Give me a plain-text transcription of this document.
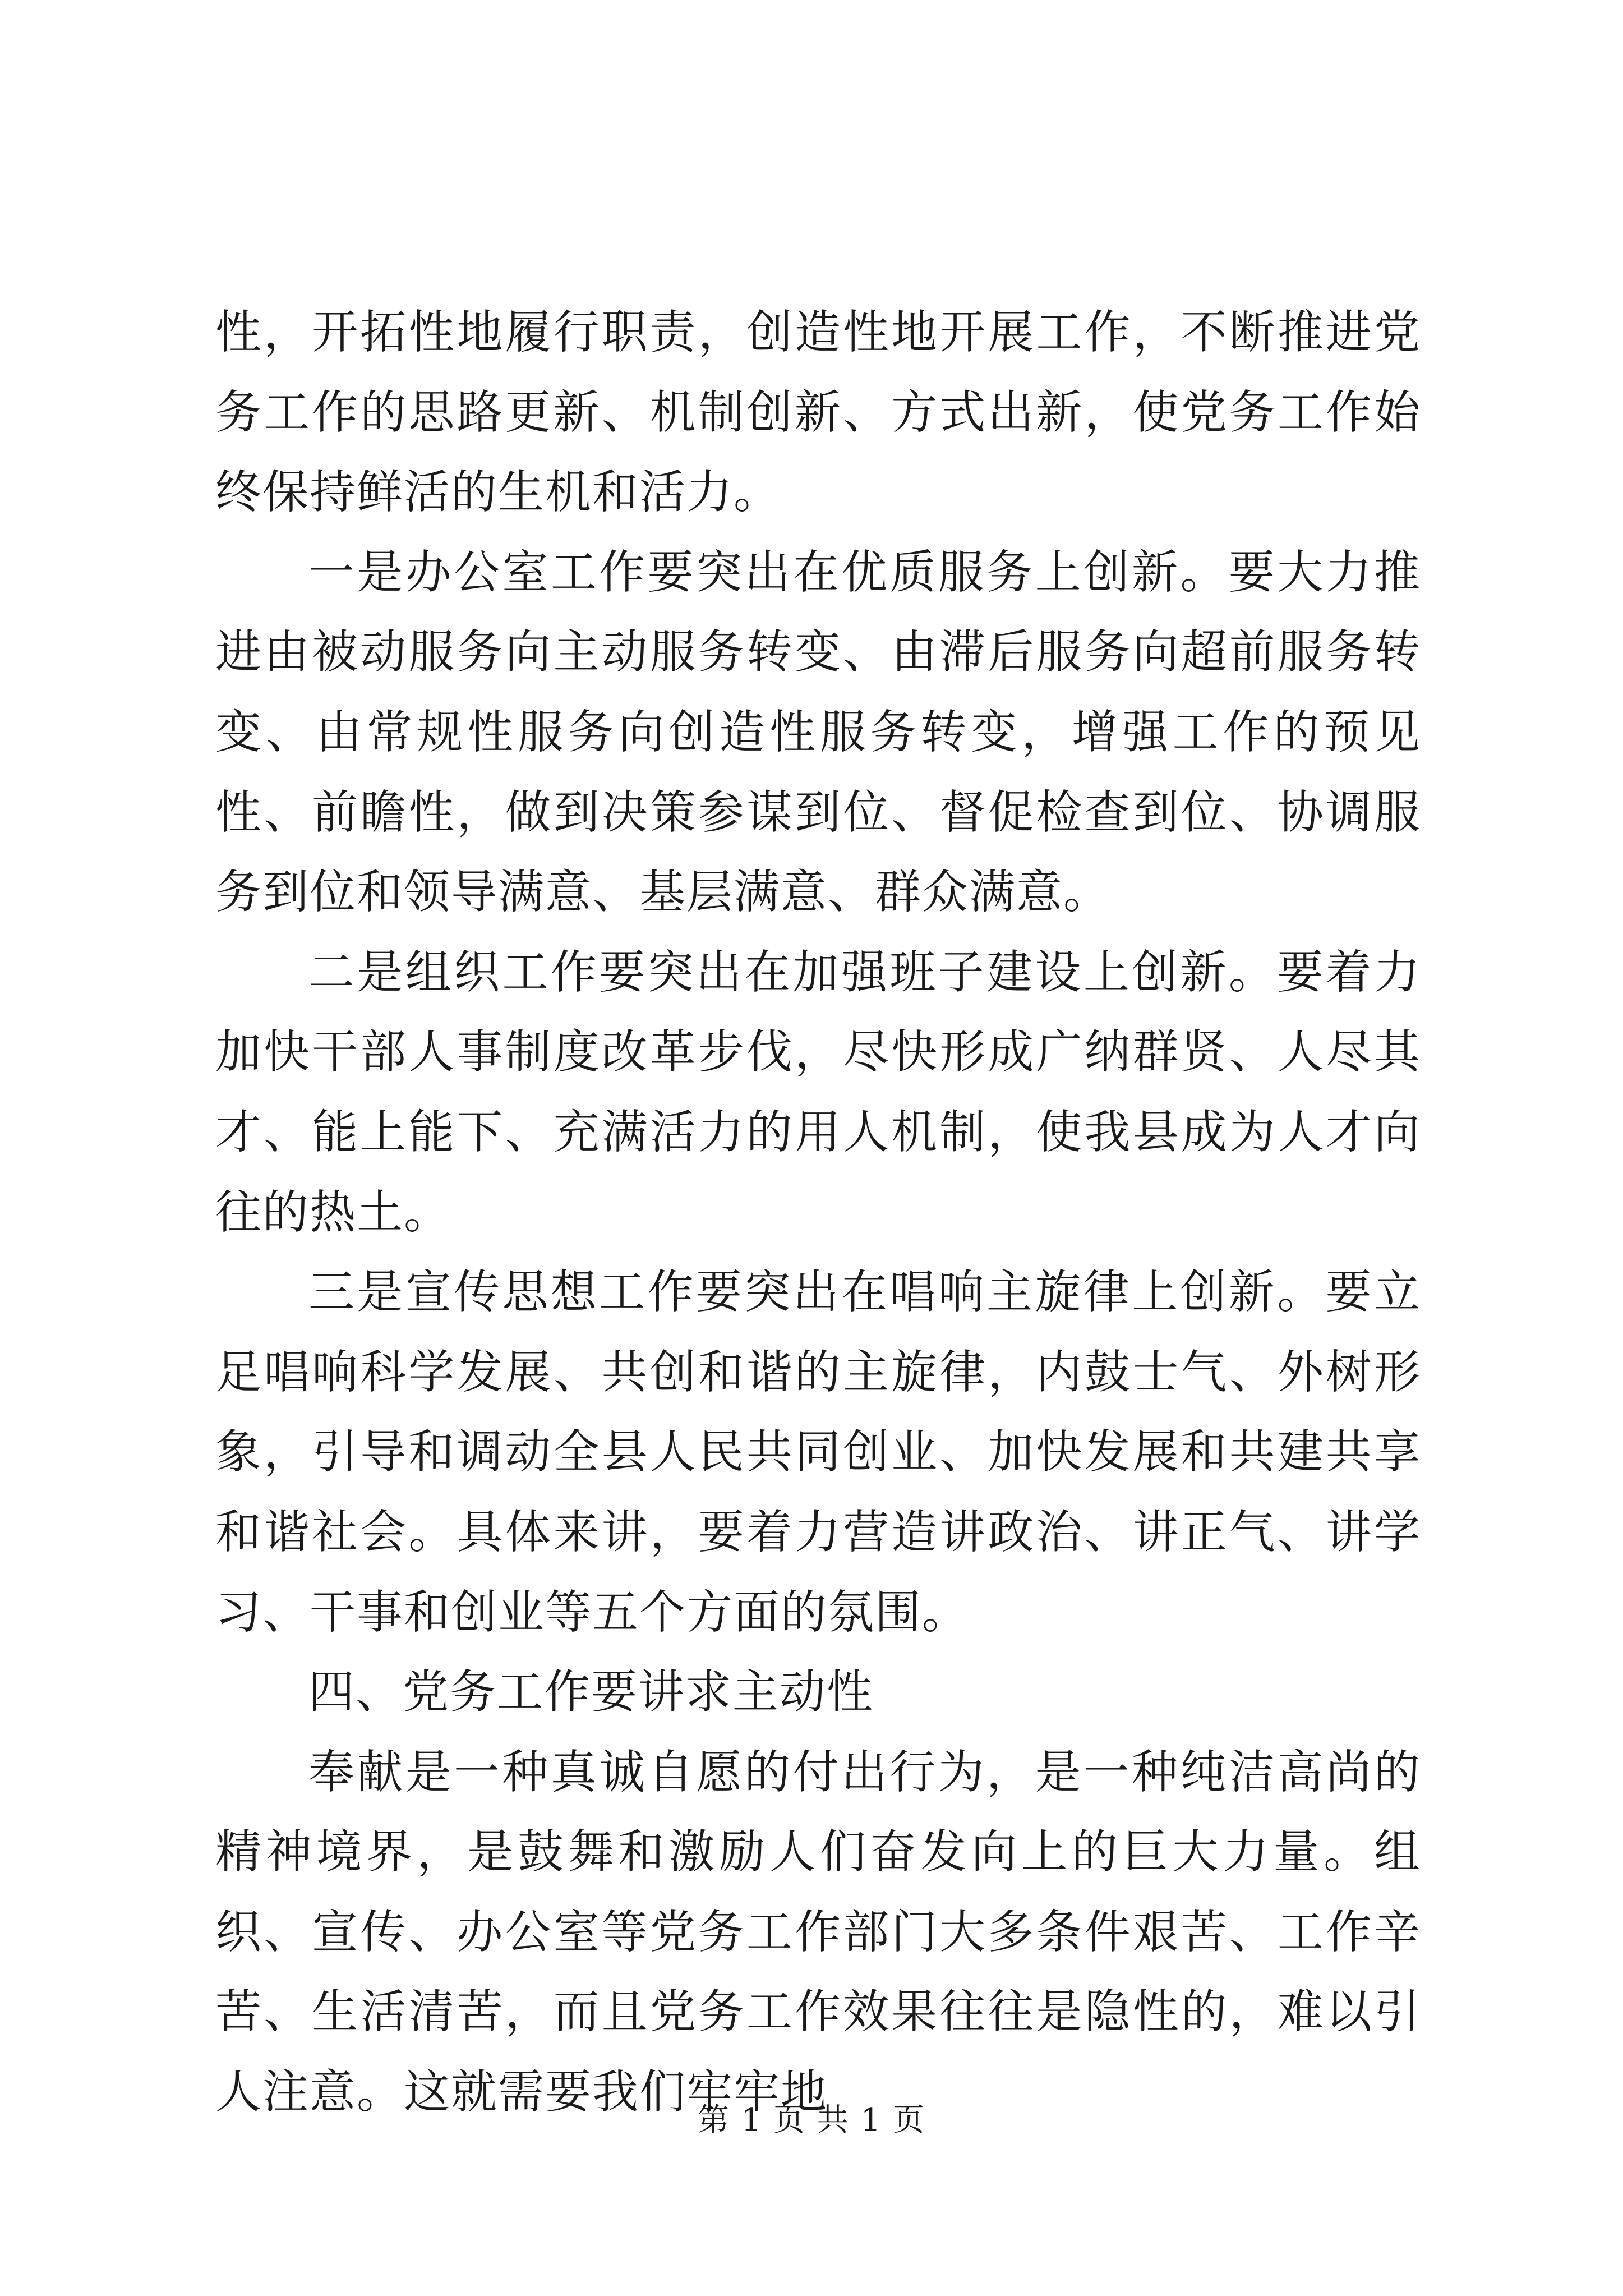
性，开拓性地履行职责，创造性地开展工作，不断推进党务工作的思路更新、机制创新、方式出新，使党务工作始终保持鲜活的生机和活力。

一是办公室工作要突出在优质服务上创新。要大力推进由被动服务向主动服务转变、由滞后服务向超前服务转变、由常规性服务向创造性服务转变，增强工作的预见性、前瞻性，做到决策参谋到位、督促检查到位、协调服务到位和领导满意、基层满意、群众满意。

二是组织工作要突出在加强班子建设上创新。要着力加快干部人事制度改革步伐，尽快形成广纳群贤、人尽其才、能上能下、充满活力的用人机制，使我县成为人才向往的热土。

三是宣传思想工作要突出在唱响主旋律上创新。要立足唱响科学发展、共创和谐的主旋律，内鼓士气、外树形象，引导和调动全县人民共同创业、加快发展和共建共享和谐社会。具体来讲，要着力营造讲政治、讲正气、讲学习、干事和创业等五个方面的氛围。

四、党务工作要讲求主动性

奉献是一种真诚自愿的付出行为，是一种纯洁高尚的精神境界，是鼓舞和激励人们奋发向上的巨大力量。组织、宣传、办公室等党务工作部门大多条件艰苦、工作辛苦、生活清苦，而且党务工作效果往往是隐性的，难以引人注意。这就需要我们牢牢地

第 1 页 共 1 页
